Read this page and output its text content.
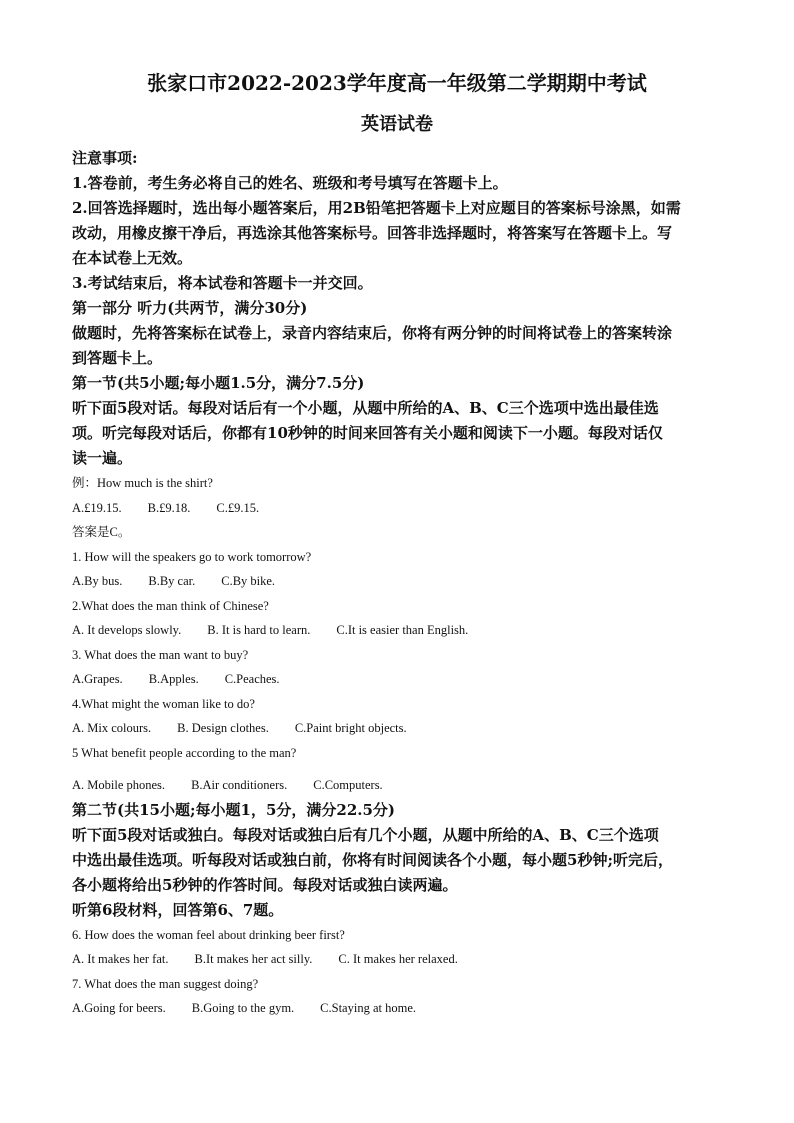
张家口市2022-2023学年度高一年级第二学期期中考试
英语试卷

注意事项:

1.答卷前，考生务必将自己的姓名、班级和考号填写在答题卡上。

2.回答选择题时，选出每小题答案后，用2B铅笔把答题卡上对应题目的答案标号涂黑，如需

改动，用橡皮擦干净后，再选涂其他答案标号。回答非选择题时，将答案写在答题卡上。写

在本试卷上无效。

3.考试结束后，将本试卷和答题卡一并交回。

第一部分 听力(共两节，满分30分)

做题时，先将答案标在试卷上，录音内容结束后，你将有两分钟的时间将试卷上的答案转涂

到答题卡上。

第一节(共5小题;每小题1.5分，满分7.5分)

听下面5段对话。每段对话后有一个小题，从题中所给的A、B、C三个选项中选出最佳选

项。听完每段对话后，你都有10秒钟的时间来回答有关小题和阅读下一小题。每段对话仅

读一遍。

例：How much is the shirt?

A.£19.15. B.£9.18. C.£9.15.

答案是C。

1. How will the speakers go to work tomorrow?

A.By bus. B.By car. C.By bike.

2.What does the man think of Chinese?

A. It develops slowly. B. It is hard to learn. C.It is easier than English.

3. What does the man want to buy?

A.Grapes. B.Apples. C.Peaches.

4.What might the woman like to do?

A. Mix colours. B. Design clothes. C.Paint bright objects.

5 What benefit people according to the man?

A. Mobile phones. B.Air conditioners. C.Computers.

第二节(共15小题;每小题1，5分，满分22.5分)

听下面5段对话或独白。每段对话或独白后有几个小题，从题中所给的A、B、C三个选项

中选出最佳选项。听每段对话或独白前，你将有时间阅读各个小题，每小题5秒钟;听完后，

各小题将给出5秒钟的作答时间。每段对话或独白读两遍。

听第6段材料，回答第6、7题。

6. How does the woman feel about drinking beer first?

A. It makes her fat. B.It makes her act silly. C. It makes her relaxed.

7. What does the man suggest doing?

A.Going for beers. B.Going to the gym. C.Staying at home.
